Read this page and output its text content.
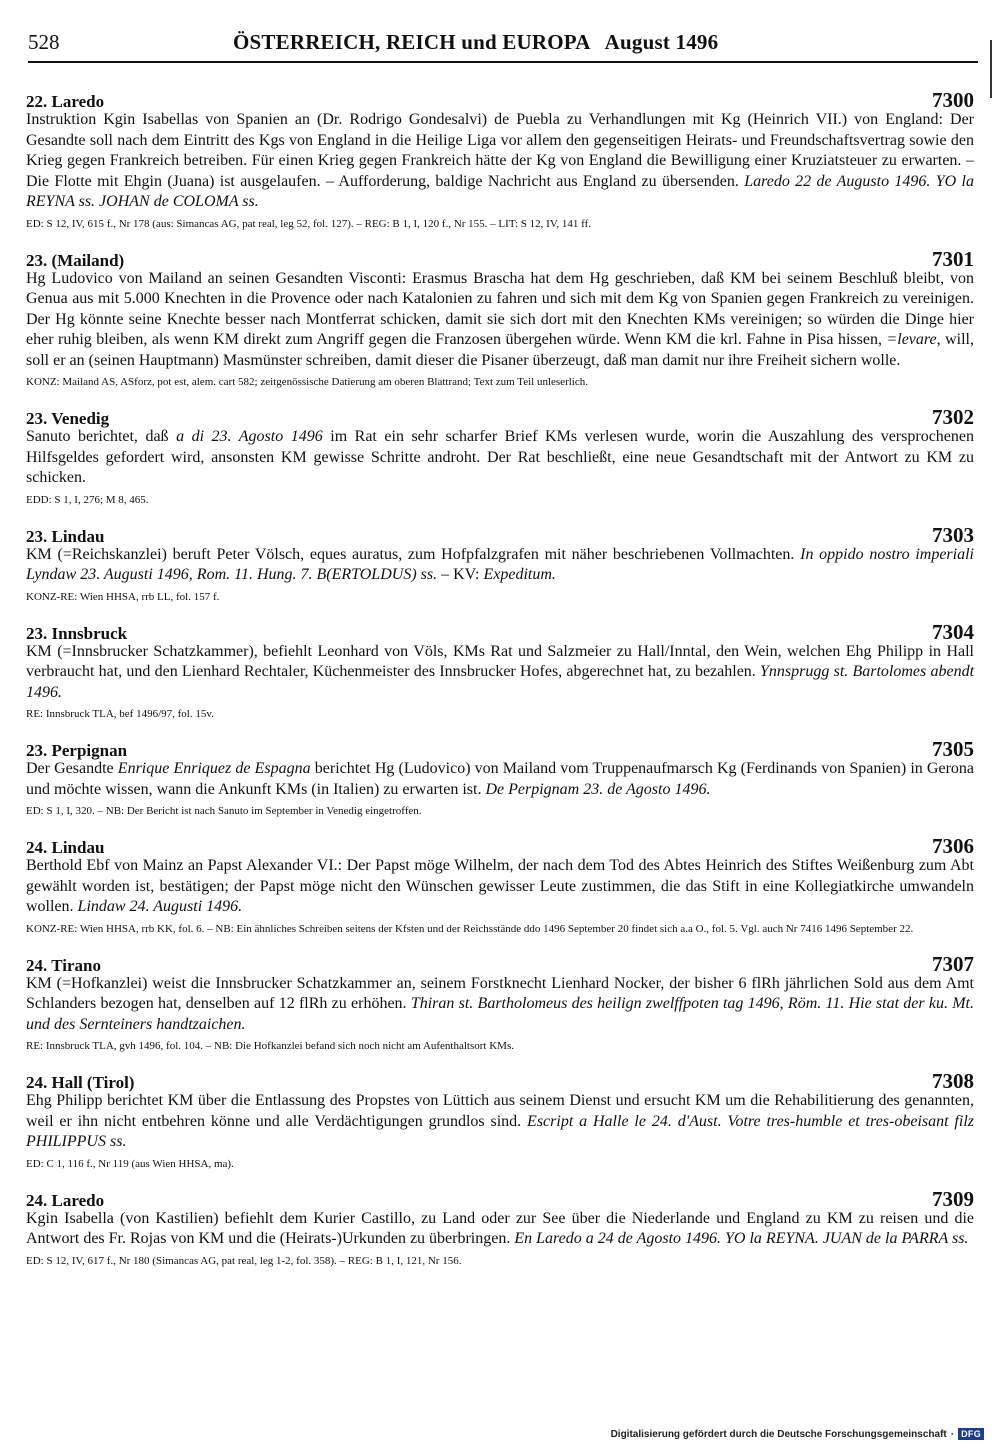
528	ÖSTERREICH, REICH und EUROPA   August 1496
22. Laredo	7300

Instruktion Kgin Isabellas von Spanien an (Dr. Rodrigo Gondesalvi) de Puebla zu Verhandlungen mit Kg (Heinrich VII.) von England: Der Gesandte soll nach dem Eintritt des Kgs von England in die Heilige Liga vor allem den gegenseitigen Heirats- und Freundschaftsvertrag sowie den Krieg gegen Frankreich betreiben. Für einen Krieg gegen Frankreich hätte der Kg von England die Bewilligung einer Kruziatsteuer zu erwarten. – Die Flotte mit Ehgin (Juana) ist ausgelaufen. – Aufforderung, baldige Nachricht aus England zu übersenden. Laredo 22 de Augusto 1496. YO la REYNA ss. JOHAN de COLOMA ss.

ED: S 12, IV, 615 f., Nr 178 (aus: Simancas AG, pat real, leg 52, fol. 127). – REG: B 1, I, 120 f., Nr 155. – LIT: S 12, IV, 141 ff.
23. (Mailand)	7301

Hg Ludovico von Mailand an seinen Gesandten Visconti: Erasmus Brascha hat dem Hg geschrieben, daß KM bei seinem Beschluß bleibt, von Genua aus mit 5.000 Knechten in die Provence oder nach Katalonien zu fahren und sich mit dem Kg von Spanien gegen Frankreich zu vereinigen. Der Hg könnte seine Knechte besser nach Montferrat schicken, damit sie sich dort mit den Knechten KMs vereinigen; so würden die Dinge hier eher ruhig bleiben, als wenn KM direkt zum Angriff gegen die Franzosen übergehen würde. Wenn KM die krl. Fahne in Pisa hissen, =levare, will, soll er an (seinen Hauptmann) Masmünster schreiben, damit dieser die Pisaner überzeugt, daß man damit nur ihre Freiheit sichern wolle.

KONZ: Mailand AS, ASforz, pot est, alem. cart 582; zeitgenössische Datierung am oberen Blattrand; Text zum Teil unleserlich.
23. Venedig	7302

Sanuto berichtet, daß a di 23. Agosto 1496 im Rat ein sehr scharfer Brief KMs verlesen wurde, worin die Auszahlung des versprochenen Hilfsgeldes gefordert wird, ansonsten KM gewisse Schritte androht. Der Rat beschließt, eine neue Gesandtschaft mit der Antwort zu KM zu schicken.

EDD: S 1, I, 276; M 8, 465.
23. Lindau	7303

KM (=Reichskanzlei) beruft Peter Völsch, eques auratus, zum Hofpfalzgrafen mit näher beschriebenen Vollmachten. In oppido nostro imperiali Lyndaw 23. Augusti 1496, Rom. 11. Hung. 7. B(ERTOLDUS) ss. – KV: Expeditum.

KONZ-RE: Wien HHSA, rrb LL, fol. 157 f.
23. Innsbruck	7304

KM (=Innsbrucker Schatzkammer), befiehlt Leonhard von Völs, KMs Rat und Salzmeier zu Hall/Inntal, den Wein, welchen Ehg Philipp in Hall verbraucht hat, und den Lienhard Rechtaler, Küchenmeister des Innsbrucker Hofes, abgerechnet hat, zu bezahlen. Ynnsprugg st. Bartolomes abendt 1496.

RE: Innsbruck TLA, bef 1496/97, fol. 15v.
23. Perpignan	7305

Der Gesandte Enrique Enriquez de Espagna berichtet Hg (Ludovico) von Mailand vom Truppenaufmarsch Kg (Ferdinands von Spanien) in Gerona und möchte wissen, wann die Ankunft KMs (in Italien) zu erwarten ist. De Perpignam 23. de Agosto 1496.

ED: S 1, I, 320. – NB: Der Bericht ist nach Sanuto im September in Venedig eingetroffen.
24. Lindau	7306

Berthold Ebf von Mainz an Papst Alexander VI.: Der Papst möge Wilhelm, der nach dem Tod des Abtes Heinrich des Stiftes Weißenburg zum Abt gewählt worden ist, bestätigen; der Papst möge nicht den Wünschen gewisser Leute zustimmen, die das Stift in eine Kollegiatkirche umwandeln wollen. Lindaw 24. Augusti 1496.

KONZ-RE: Wien HHSA, rrb KK, fol. 6. – NB: Ein ähnliches Schreiben seitens der Kfsten und der Reichsstände ddo 1496 September 20 findet sich a.a O., fol. 5. Vgl. auch Nr 7416 1496 September 22.
24. Tirano	7307

KM (=Hofkanzlei) weist die Innsbrucker Schatzkammer an, seinem Forstknecht Lienhard Nocker, der bisher 6 flRh jährlichen Sold aus dem Amt Schlanders bezogen hat, denselben auf 12 flRh zu erhöhen. Thiran st. Bartholomeus des heilign zwelffpoten tag 1496, Röm. 11. Hie stat der ku. Mt. und des Sernteiners handtzaichen.

RE: Innsbruck TLA, gvh 1496, fol. 104. – NB: Die Hofkanzlei befand sich noch nicht am Aufenthaltsort KMs.
24. Hall (Tirol)	7308

Ehg Philipp berichtet KM über die Entlassung des Propstes von Lüttich aus seinem Dienst und ersucht KM um die Rehabilitierung des genannten, weil er ihn nicht entbehren könne und alle Verdächtigungen grundlos sind. Escript a Halle le 24. d'Aust. Votre tres-humble et tres-obeisant filz PHILIPPUS ss.

ED: C 1, 116 f., Nr 119 (aus Wien HHSA, ma).
24. Laredo	7309

Kgin Isabella (von Kastilien) befiehlt dem Kurier Castillo, zu Land oder zur See über die Niederlande und England zu KM zu reisen und die Antwort des Fr. Rojas von KM und die (Heirats-)Urkunden zu überbringen. En Laredo a 24 de Agosto 1496. YO la REYNA. JUAN de la PARRA ss.

ED: S 12, IV, 617 f., Nr 180 (Simancas AG, pat real, leg 1-2, fol. 358). – REG: B 1, I, 121, Nr 156.
Digitalisierung gefördert durch die Deutsche Forschungsgemeinschaft · DFG
